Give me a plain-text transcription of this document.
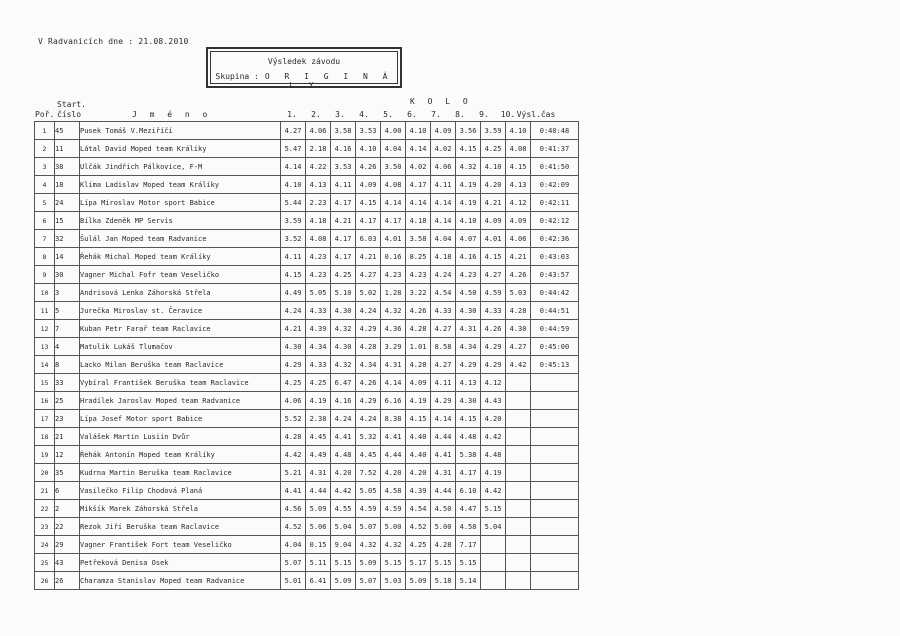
V Radvanicích dne : 21.08.2010
Výsledek závodu
Skupina : O R I G I N Á L Y
K O L O
Start.
Poř. číslo	J m é n o	1.	2.	3.	4.	5.	6.	7.	8.	9.	10. Výsl.čas
1	45	Pusek Tomáš V.Meziříčí	4.27	4.06	3.58	3.53	4.00	4.10	4.09	3.56	3.59	4.10	0:40:48
2	11	Látal David Moped team Králíky	5.47	2.18	4.16	4.10	4.04	4.14	4.02	4.15	4.25	4.08	0:41:37
3	38	Ulčák Jindřich Pálkovice, F-M	4.14	4.22	3.53	4.26	3.50	4.02	4.06	4.32	4.10	4.15	0:41:50
4	18	Klíma Ladislav Moped team Králíky	4.10	4.13	4.11	4.09	4.08	4.17	4.11	4.19	4.20	4.13	0:42:09
5	24	Lípa Miroslav Motor sport Babice	5.44	2.23	4.17	4.15	4.14	4.14	4.14	4.19	4.21	4.12	0:42:11
6	15	Bílka Zdeněk MP Servis	3.59	4.18	4.21	4.17	4.17	4.18	4.14	4.10	4.09	4.09	0:42:12
7	32	Šulál Jan Moped team Radvanice	3.52	4.08	4.17	6.03	4.01	3.58	4.04	4.07	4.01	4.06	0:42:36
8	14	Řehák Michal Moped team Králíky	4.11	4.23	4.17	4.21	0.16	8.25	4.18	4.16	4.15	4.21	0:43:03
9	30	Vagner Michal Fofr team Veseličko	4.15	4.23	4.25	4.27	4.23	4.23	4.24	4.23	4.27	4.26	0:43:57
10	3	Andrisová Lenka Záhorská Střela	4.49	5.05	5.10	5.02	1.28	3.22	4.54	4.50	4.59	5.03	0:44:42
11	5	Jurečka Miroslav st. Čeravice	4.24	4.33	4.30	4.24	4.32	4.26	4.33	4.30	4.33	4.28	0:44:51
12	7	Kuban Petr Farař team Raclavice	4.21	4.39	4.32	4.29	4.36	4.28	4.27	4.31	4.26	4.30	0:44:59
13	4	Matulík Lukáš Tlumačov	4.30	4.34	4.30	4.28	3.29	1.01	8.58	4.34	4.29	4.27	0:45:00
14	8	Lacko Milan Beruška team Raclavice	4.29	4.33	4.32	4.34	4.31	4.28	4.27	4.29	4.29	4.42	0:45:13
15	33	Vybíral František Beruška team Raclavice	4.25	4.25	6.47	4.26	4.14	4.09	4.11	4.13	4.12		
16	25	Hradílek Jaroslav Moped team Radvanice	4.06	4.19	4.16	4.29	6.16	4.19	4.29	4.30	4.43		
17	23	Lípa Josef Motor sport Babice	5.52	2.38	4.24	4.24	8.38	4.15	4.14	4.15	4.20		
18	21	Valášek Martin Lusiin Dvůr	4.28	4.45	4.41	5.32	4.41	4.40	4.44	4.48	4.42		
19	12	Řehák Antonín Moped team Králíky	4.42	4.49	4.48	4.45	4.44	4.40	4.41	5.38	4.48		
20	35	Kudrna Martin Beruška team Raclavice	5.21	4.31	4.20	7.52	4.20	4.20	4.31	4.17	4.19		
21	6	Vasilečko Filip Chodová Planá	4.41	4.44	4.42	5.05	4.58	4.39	4.44	6.10	4.42		
22	2	Mikšík Marek Záhorská Střela	4.56	5.09	4.55	4.59	4.59	4.54	4.50	4.47	5.15		
23	22	Rezok Jiří Beruška team Raclavice	4.52	5.06	5.04	5.07	5.00	4.52	5.00	4.58	5.04		
24	29	Vagner František Fort team Veseličko	4.04	0.15	9.04	4.32	4.32	4.25	4.28	7.17			
25	43	Petřeková Denisa Osek	5.07	5.11	5.15	5.09	5.15	5.17	5.15	5.15			
26	26	Charamza Stanislav Moped team Radvanice	5.01	6.41	5.09	5.07	5.03	5.09	5.18	5.14			
